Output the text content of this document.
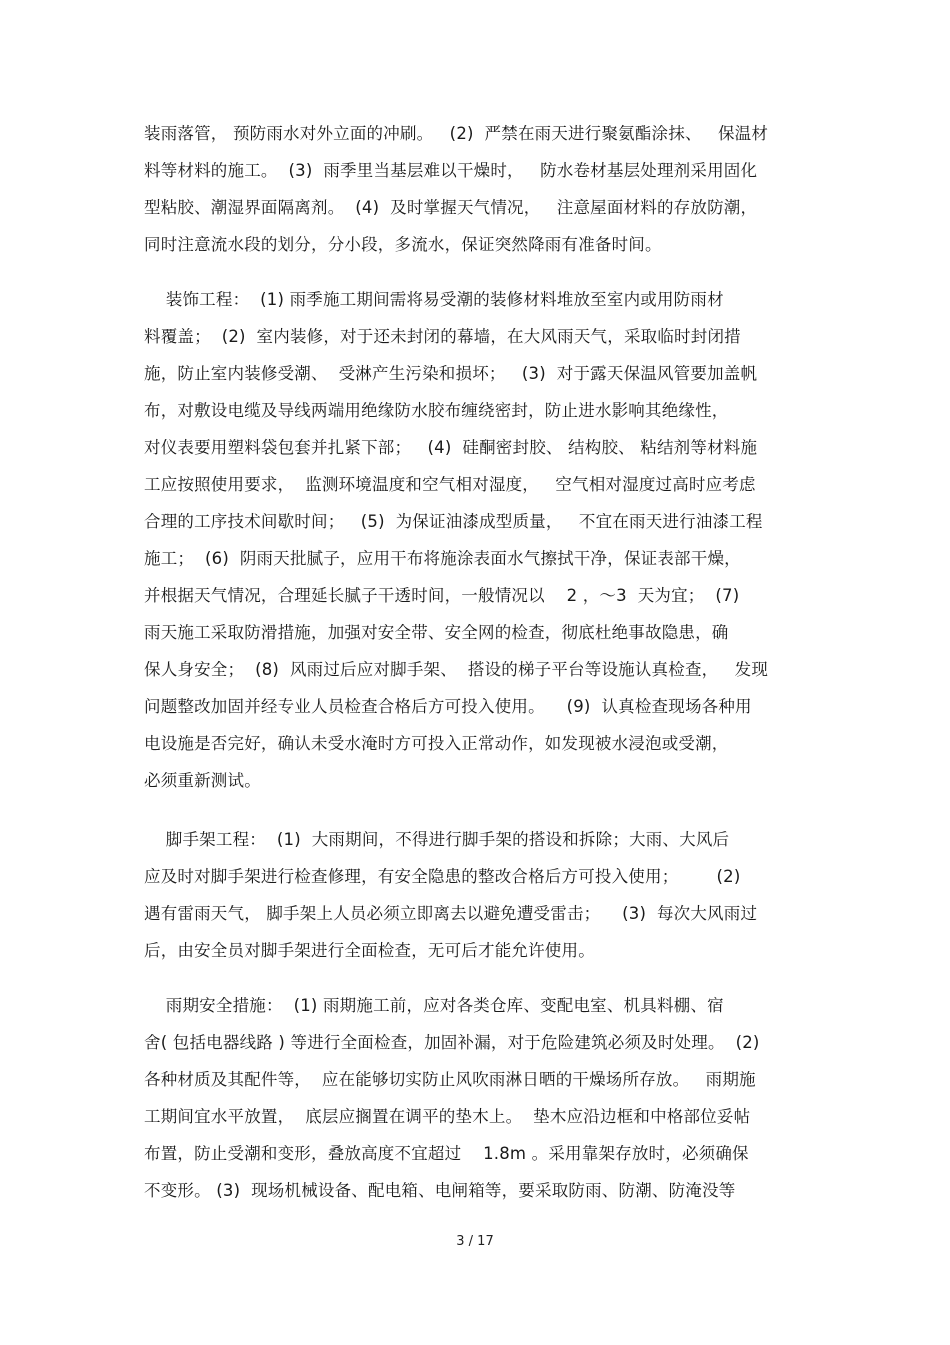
装雨落管， 预防雨水对外立面的冲刷。   (2)  严禁在雨天进行聚氨酯涂抹、   保温材
料等材料的施工。  (3)  雨季里当基层难以干燥时，   防水卷材基层处理剂采用固化
型粘胶、潮湿界面隔离剂。  (4)  及时掌握天气情况，   注意屋面材料的存放防潮，
同时注意流水段的划分，分小段，多流水，保证突然降雨有准备时间。
装饰工程：  (1) 雨季施工期间需将易受潮的装修材料堆放至室内或用防雨材
料覆盖；  (2)  室内装修，对于还未封闭的幕墙，在大风雨天气，采取临时封闭措
施，防止室内装修受潮、  受淋产生污染和损坏；   (3)  对于露天保温风管要加盖帆
布，对敷设电缆及导线两端用绝缘防水胶布缠绕密封，防止进水影响其绝缘性，
对仪表要用塑料袋包套并扎紧下部；   (4)  硅酮密封胶、 结构胶、 粘结剂等材料施
工应按照使用要求，  监测环境温度和空气相对湿度，   空气相对湿度过高时应考虑
合理的工序技术间歇时间；   (5)  为保证油漆成型质量，   不宜在雨天进行油漆工程
施工；  (6)  阴雨天批腻子，应用干布将施涂表面水气擦拭干净，保证表部干燥，
并根据天气情况，合理延长腻子干透时间，一般情况以    2 ，～3  天为宜；  (7)
雨天施工采取防滑措施，加强对安全带、安全网的检查，彻底杜绝事故隐患，确
保人身安全；  (8)  风雨过后应对脚手架、  搭设的梯子平台等设施认真检查，   发现
问题整改加固并经专业人员检查合格后方可投入使用。    (9)  认真检查现场各种用
电设施是否完好，确认未受水淹时方可投入正常动作，如发现被水浸泡或受潮，
必须重新测试。
脚手架工程：  (1)  大雨期间，不得进行脚手架的搭设和拆除；大雨、大风后
应及时对脚手架进行检查修理，有安全隐患的整改合格后方可投入使用；       (2)
遇有雷雨天气， 脚手架上人员必须立即离去以避免遭受雷击；    (3)  每次大风雨过
后，由安全员对脚手架进行全面检查，无可后才能允许使用。
雨期安全措施：  (1) 雨期施工前，应对各类仓库、变配电室、机具料棚、宿
舍( 包括电器线路 ) 等进行全面检查，加固补漏，对于危险建筑必须及时处理。  (2)
各种材质及其配件等，  应在能够切实防止风吹雨淋日晒的干燥场所存放。   雨期施
工期间宜水平放置，  底层应搁置在调平的垫木上。  垫木应沿边框和中格部位妥帖
布置，防止受潮和变形，叠放高度不宜超过    1.8m 。采用靠架存放时，必须确保
不变形。 (3)  现场机械设备、配电箱、电闸箱等，要采取防雨、防潮、防淹没等
3 / 17
